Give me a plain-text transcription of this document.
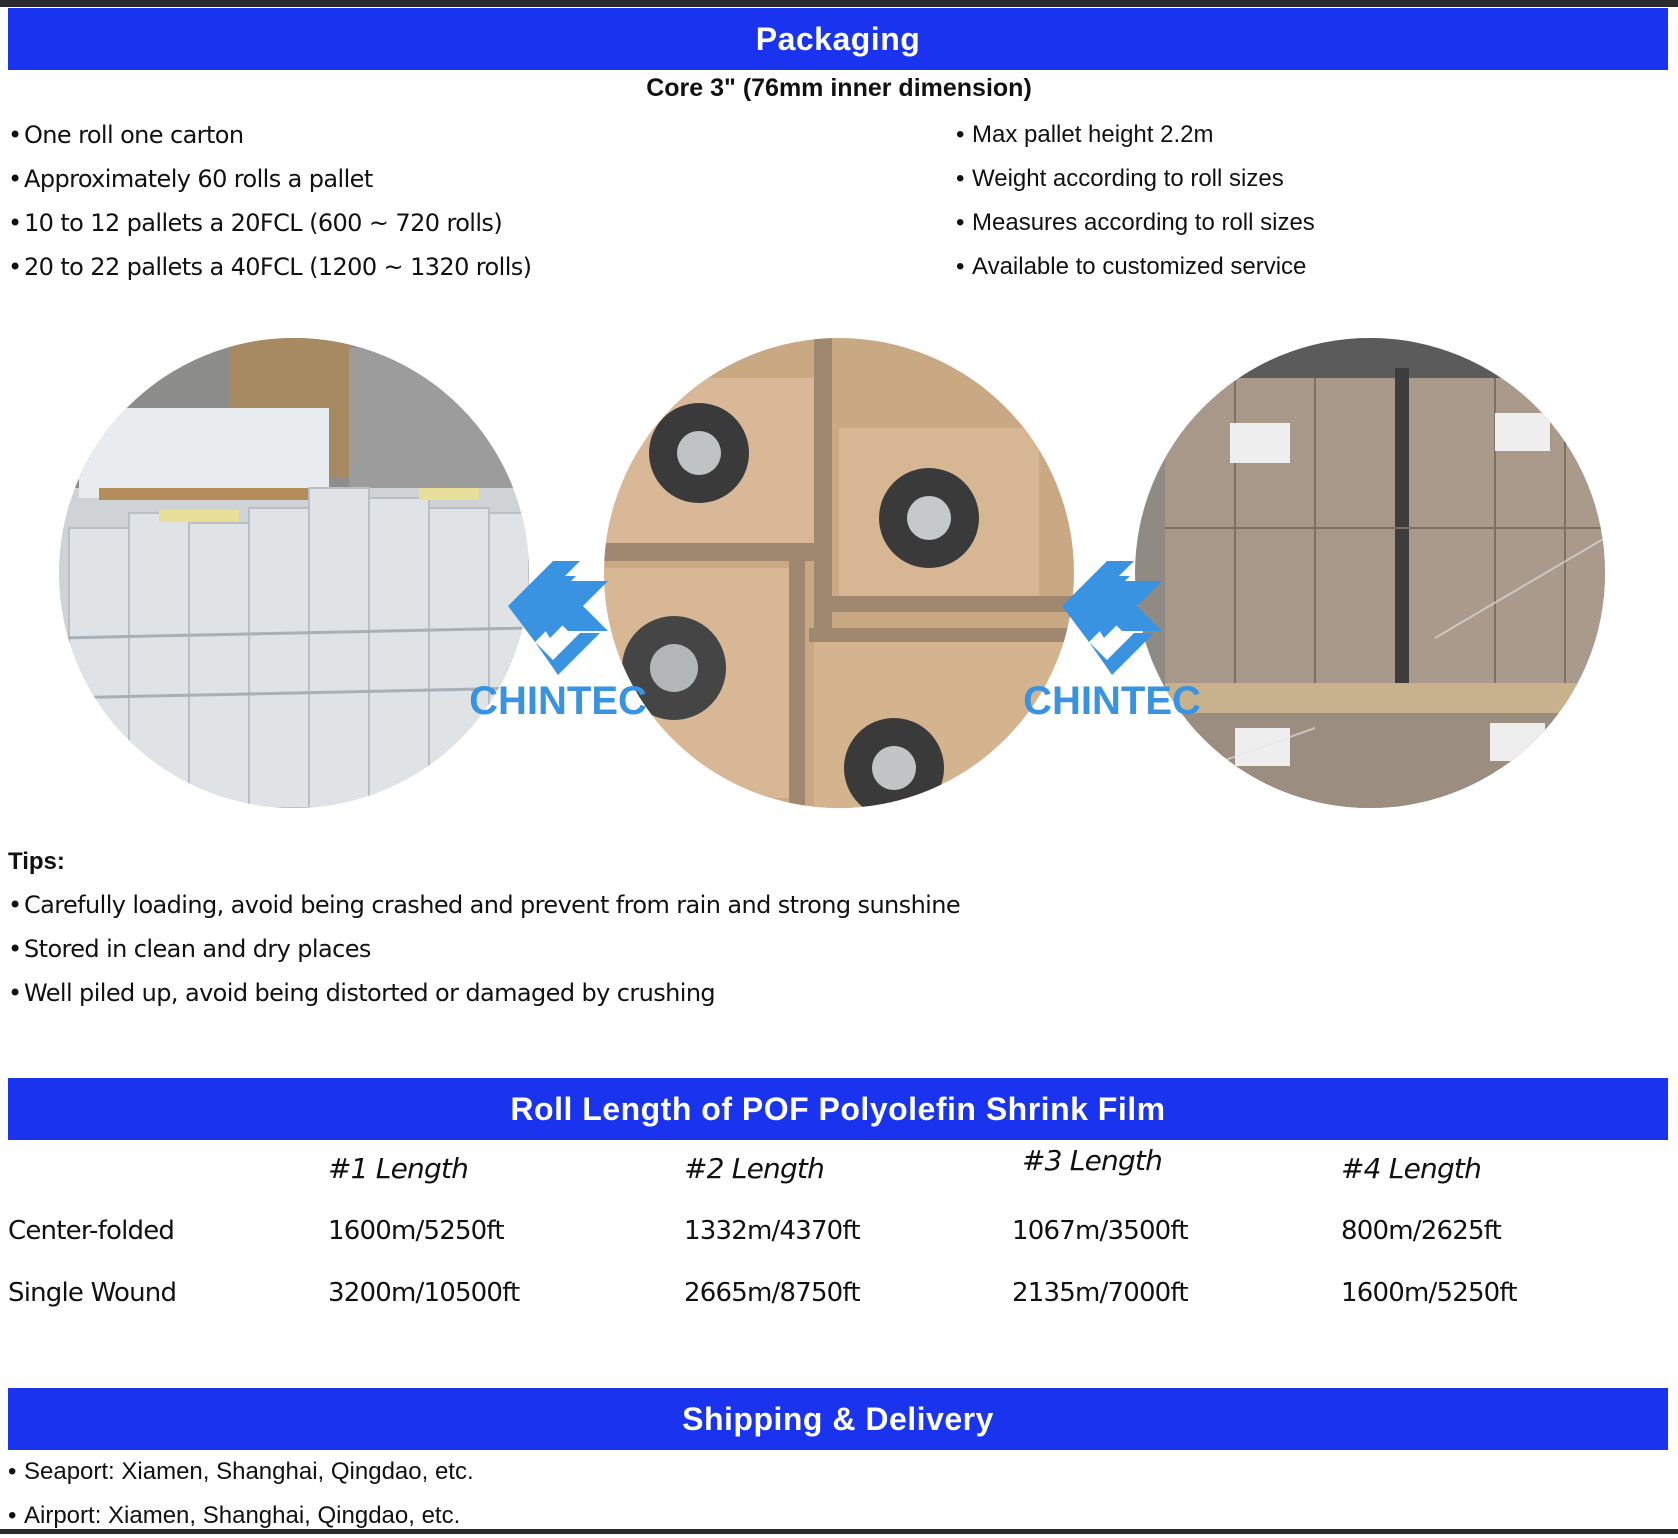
Packaging
Core 3" (76mm inner dimension)
• One roll one carton
• Approximately 60 rolls a pallet
• 10 to 12 pallets a 20FCL (600 ~ 720 rolls)
• 20 to 22 pallets a 40FCL (1200 ~ 1320 rolls)
• Max pallet height 2.2m
• Weight according to roll sizes
• Measures according to roll sizes
• Available to customized service
CHINTEC	CHINTEC
Tips:
• Carefully loading, avoid being crashed and prevent from rain and strong sunshine
• Stored in clean and dry places
• Well piled up, avoid being distorted or damaged by crushing
Roll Length of POF Polyolefin Shrink Film
#1 Length	#2 Length	#3 Length	#4 Length
Center-folded	1600m/5250ft	1332m/4370ft	1067m/3500ft	800m/2625ft
Single Wound	3200m/10500ft	2665m/8750ft	2135m/7000ft	1600m/5250ft
Shipping & Delivery
• Seaport: Xiamen, Shanghai, Qingdao, etc.
• Airport: Xiamen, Shanghai, Qingdao, etc.
